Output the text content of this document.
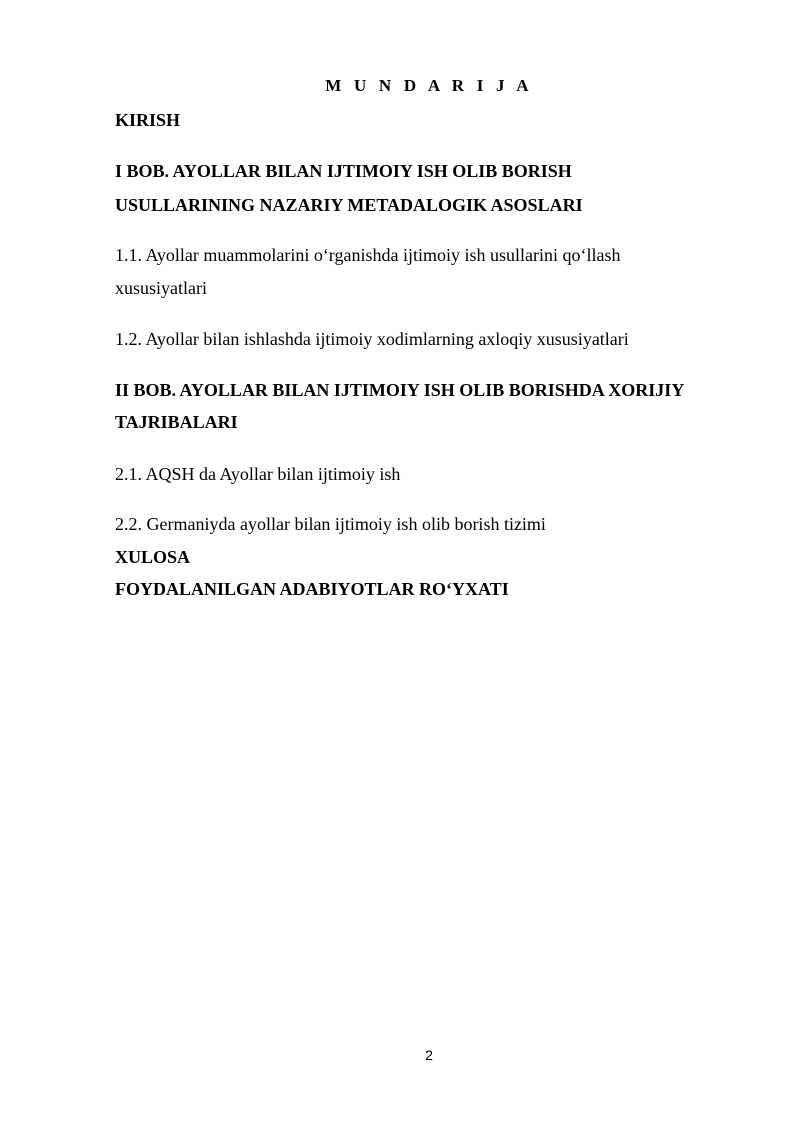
M U N D A R I J A
KIRISH
I BOB. AYOLLAR BILAN IJTIMOIY ISH OLIB BORISH
USULLARINING NAZARIY METADALOGIK ASOSLARI
1.1. Ayollar muammolarini o‘rganishda ijtimoiy ish usullarini qo‘llash
xususiyatlari
1.2. Ayollar bilan ishlashda ijtimoiy xodimlarning axloqiy xususiyatlari
II BOB. AYOLLAR BILAN IJTIMOIY ISH OLIB BORISHDA XORIJIY
TAJRIBALARI
2.1. AQSH da Ayollar bilan ijtimoiy ish
2.2. Germaniyda ayollar bilan ijtimoiy ish olib borish tizimi
XULOSA
FOYDALANILGAN ADABIYOTLAR RO‘YXATI
2
